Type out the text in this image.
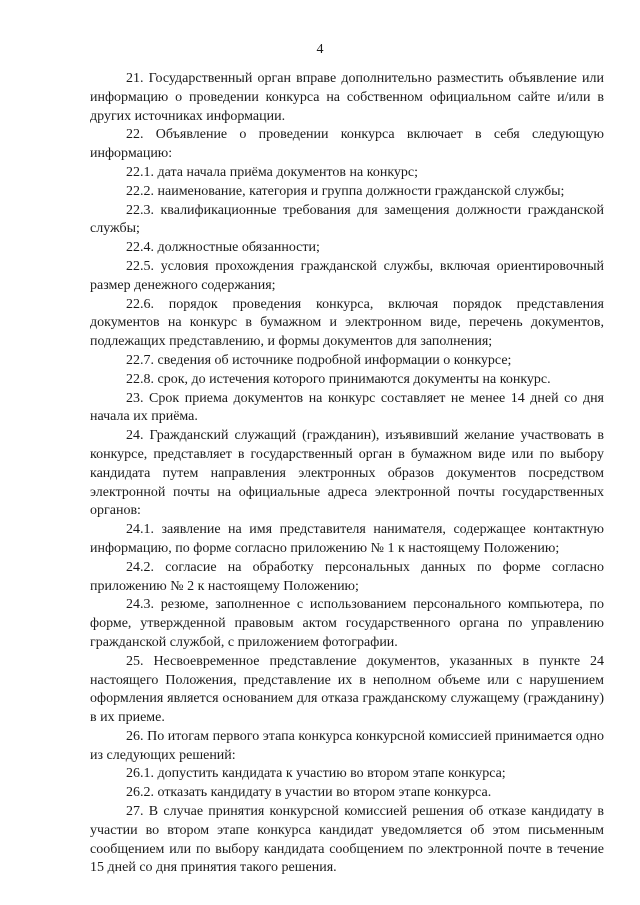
4

21. Государственный орган вправе дополнительно разместить объявление или информацию о проведении конкурса на собственном официальном сайте и/или в других источниках информации.

22. Объявление о проведении конкурса включает в себя следующую информацию:

22.1. дата начала приёма документов на конкурс;

22.2. наименование, категория и группа должности гражданской службы;

22.3. квалификационные требования для замещения должности гражданской службы;

22.4. должностные обязанности;

22.5. условия прохождения гражданской службы, включая ориентировочный размер денежного содержания;

22.6. порядок проведения конкурса, включая порядок представления документов на конкурс в бумажном и электронном виде, перечень документов, подлежащих представлению, и формы документов для заполнения;

22.7. сведения об источнике подробной информации о конкурсе;

22.8. срок, до истечения которого принимаются документы на конкурс.

23. Срок приема документов на конкурс составляет не менее 14 дней со дня начала их приёма.

24. Гражданский служащий (гражданин), изъявивший желание участвовать в конкурсе, представляет в государственный орган в бумажном виде или по выбору кандидата путем направления электронных образов документов посредством электронной почты на официальные адреса электронной почты государственных органов:

24.1. заявление на имя представителя нанимателя, содержащее контактную информацию, по форме согласно приложению № 1 к настоящему Положению;

24.2. согласие на обработку персональных данных по форме согласно приложению № 2 к настоящему Положению;

24.3. резюме, заполненное с использованием персонального компьютера, по форме, утвержденной правовым актом государственного органа по управлению гражданской службой, с приложением фотографии.

25. Несвоевременное представление документов, указанных в пункте 24 настоящего Положения, представление их в неполном объеме или с нарушением оформления является основанием для отказа гражданскому служащему (гражданину) в их приеме.

26. По итогам первого этапа конкурса конкурсной комиссией принимается одно из следующих решений:

26.1. допустить кандидата к участию во втором этапе конкурса;

26.2. отказать кандидату в участии во втором этапе конкурса.

27. В случае принятия конкурсной комиссией решения об отказе кандидату в участии во втором этапе конкурса кандидат уведомляется об этом письменным сообщением или по выбору кандидата сообщением по электронной почте в течение 15 дней со дня принятия такого решения.
